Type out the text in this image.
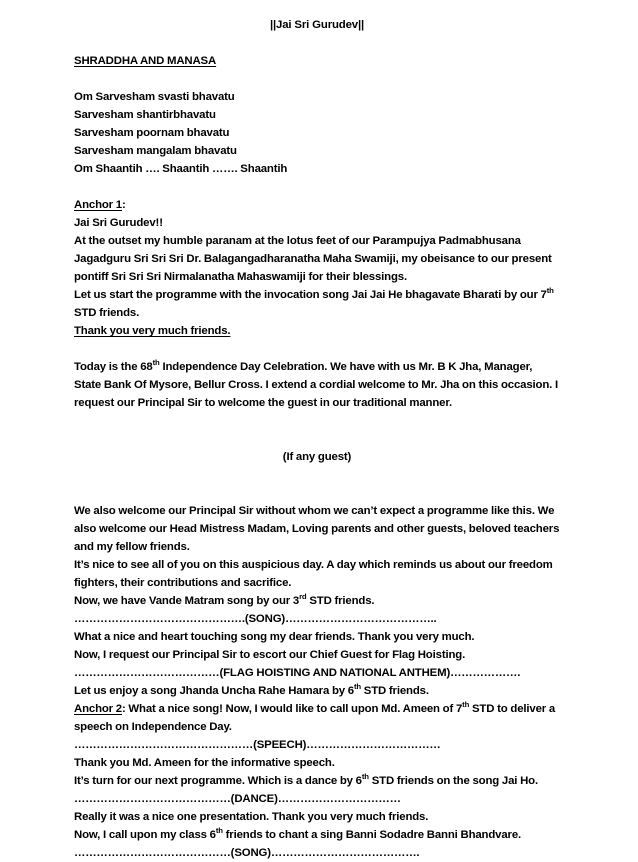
||Jai Sri Gurudev||
SHRADDHA AND MANASA
Om Sarvesham svasti bhavatu
Sarvesham shantirbhavatu
Sarvesham poornam bhavatu
Sarvesham mangalam bhavatu
Om Shaantih …. Shaantih ……. Shaantih
Anchor 1:
Jai Sri Gurudev!!
At the outset my humble paranam at the lotus feet of our Parampujya Padmabhusana Jagadguru Sri Sri Sri Dr. Balagangadharanatha Maha Swamiji, my obeisance to our present pontiff Sri Sri Sri Nirmalanatha Mahaswamiji for their blessings.
Let us start the programme with the invocation song Jai Jai He bhagavate Bharati by our 7th STD friends.
Thank you very much friends.
Today is the 68th Independence Day Celebration. We have with us Mr. B K Jha, Manager, State Bank Of Mysore, Bellur Cross. I extend a cordial welcome to Mr. Jha on this occasion. I request our Principal Sir to welcome the guest in our traditional manner.
(If any guest)
We also welcome our Principal Sir without whom we can’t expect a programme like this. We also welcome our Head Mistress Madam, Loving parents and other guests, beloved teachers and my fellow friends.
It’s nice to see all of you on this auspicious day. A day which reminds us about our freedom fighters, their contributions and sacrifice.
Now, we have Vande Matram song by our 3rd STD friends.
……………………………………….(SONG)…………………………………..
What a nice and heart touching song my dear friends. Thank you very much.
Now, I request our Principal Sir to escort our Chief Guest for Flag Hoisting.
…………………………………(FLAG HOISTING AND NATIONAL ANTHEM)……………….
Let us enjoy a song Jhanda Uncha Rahe Hamara by 6th STD friends.
Anchor 2: What a nice song! Now, I would like to call upon Md. Ameen of 7th STD to deliver a speech on Independence Day.
…………………………………………(SPEECH)………………………………
Thank you Md. Ameen for the informative speech.
It’s turn for our next programme. Which is a dance by 6th STD friends on the song Jai Ho.
……………………………………(DANCE)……………………………
Really it was a nice one presentation. Thank you very much friends.
Now, I call upon my class 6th friends to chant a sing Banni Sodadre Banni Bhandvare.
……………………………………(SONG)………………………………….
